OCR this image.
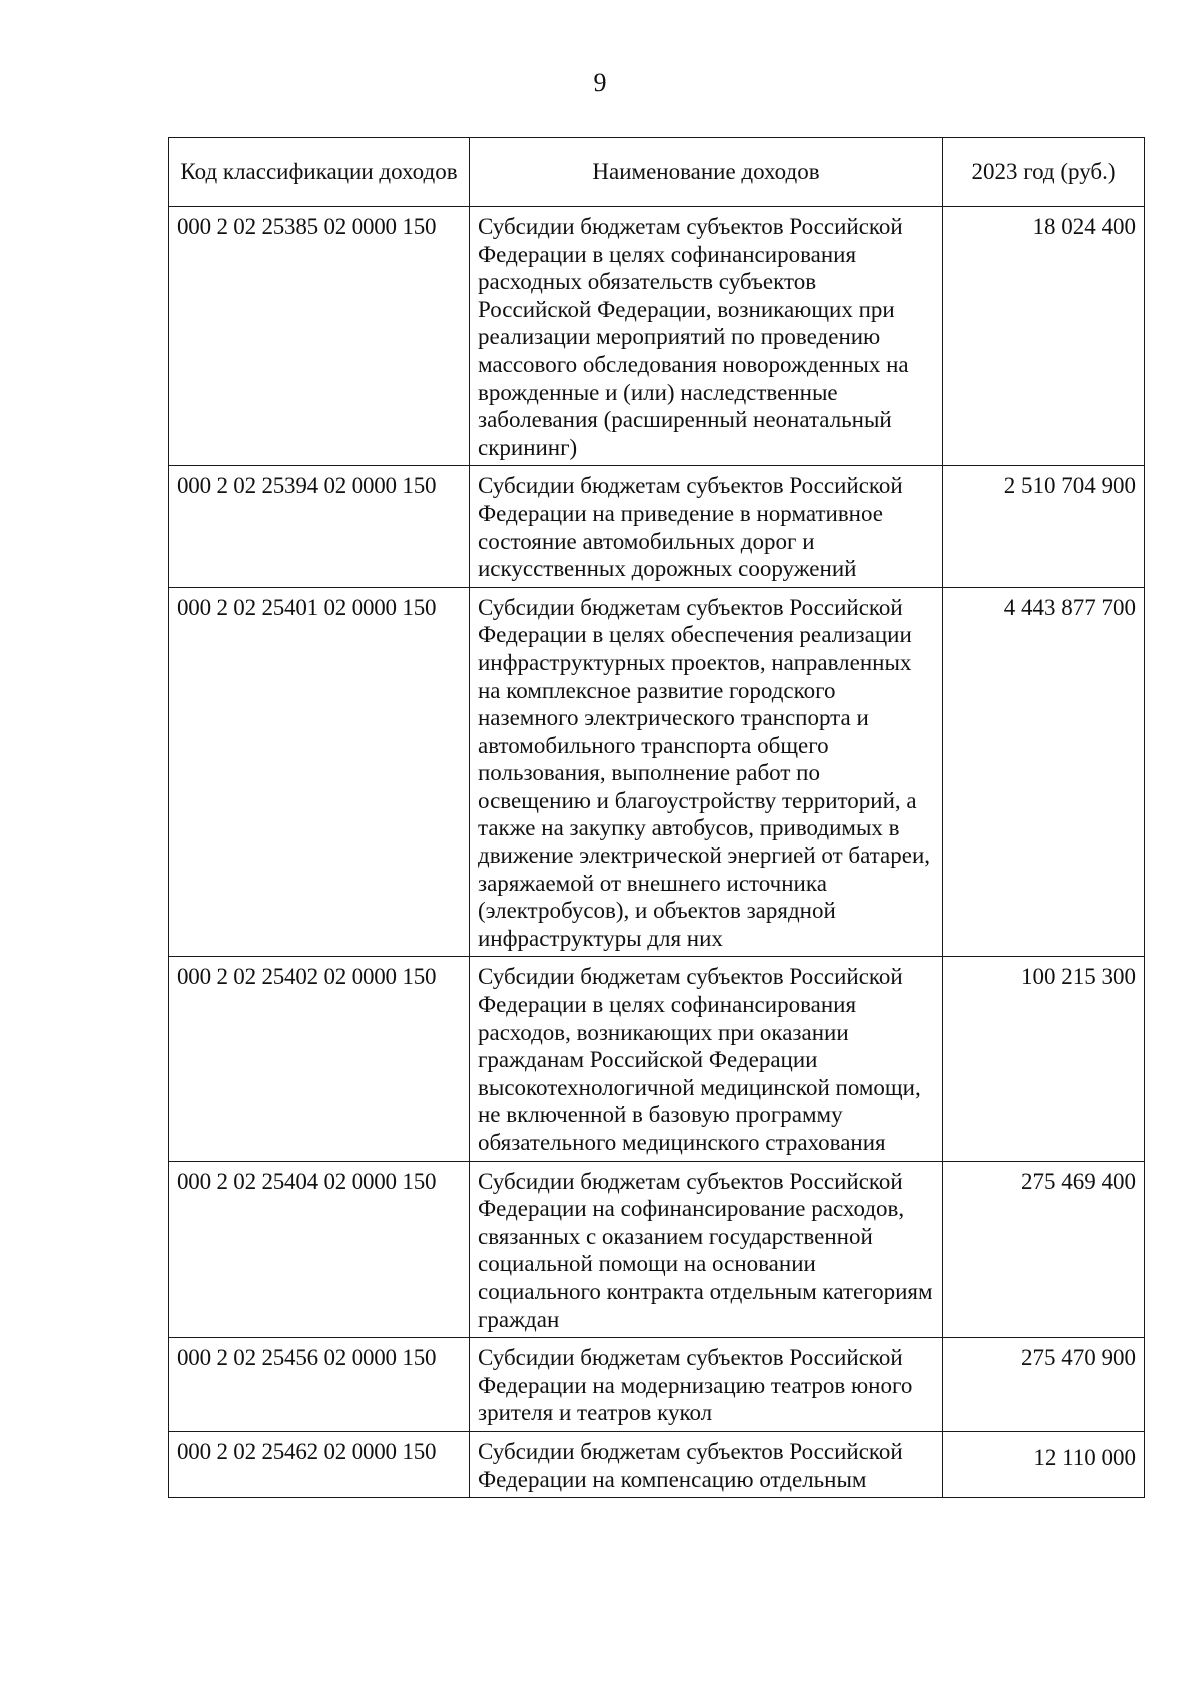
9
Код классификации доходов	Наименование доходов	2023 год (руб.)
000 2 02 25385 02 0000 150	Субсидии бюджетам субъектов Российской Федерации в целях софинансирования расходных обязательств субъектов Российской Федерации, возникающих при реализации мероприятий по проведению массового обследования новорожденных на врожденные и (или) наследственные заболевания (расширенный неонатальный скрининг)	18 024 400
000 2 02 25394 02 0000 150	Субсидии бюджетам субъектов Российской Федерации на приведение в нормативное состояние автомобильных дорог и искусственных дорожных сооружений	2 510 704 900
000 2 02 25401 02 0000 150	Субсидии бюджетам субъектов Российской Федерации в целях обеспечения реализации инфраструктурных проектов, направленных на комплексное развитие городского наземного электрического транспорта и автомобильного транспорта общего пользования, выполнение работ по освещению и благоустройству территорий, а также на закупку автобусов, приводимых в движение электрической энергией от батареи, заряжаемой от внешнего источника (электробусов), и объектов зарядной инфраструктуры для них	4 443 877 700
000 2 02 25402 02 0000 150	Субсидии бюджетам субъектов Российской Федерации в целях софинансирования расходов, возникающих при оказании гражданам Российской Федерации высокотехнологичной медицинской помощи, не включенной в базовую программу обязательного медицинского страхования	100 215 300
000 2 02 25404 02 0000 150	Субсидии бюджетам субъектов Российской Федерации на софинансирование расходов, связанных с оказанием государственной социальной помощи на основании социального контракта отдельным категориям граждан	275 469 400
000 2 02 25456 02 0000 150	Субсидии бюджетам субъектов Российской Федерации на модернизацию театров юного зрителя и театров кукол	275 470 900
000 2 02 25462 02 0000 150	Субсидии бюджетам субъектов Российской Федерации на компенсацию отдельным	12 110 000
